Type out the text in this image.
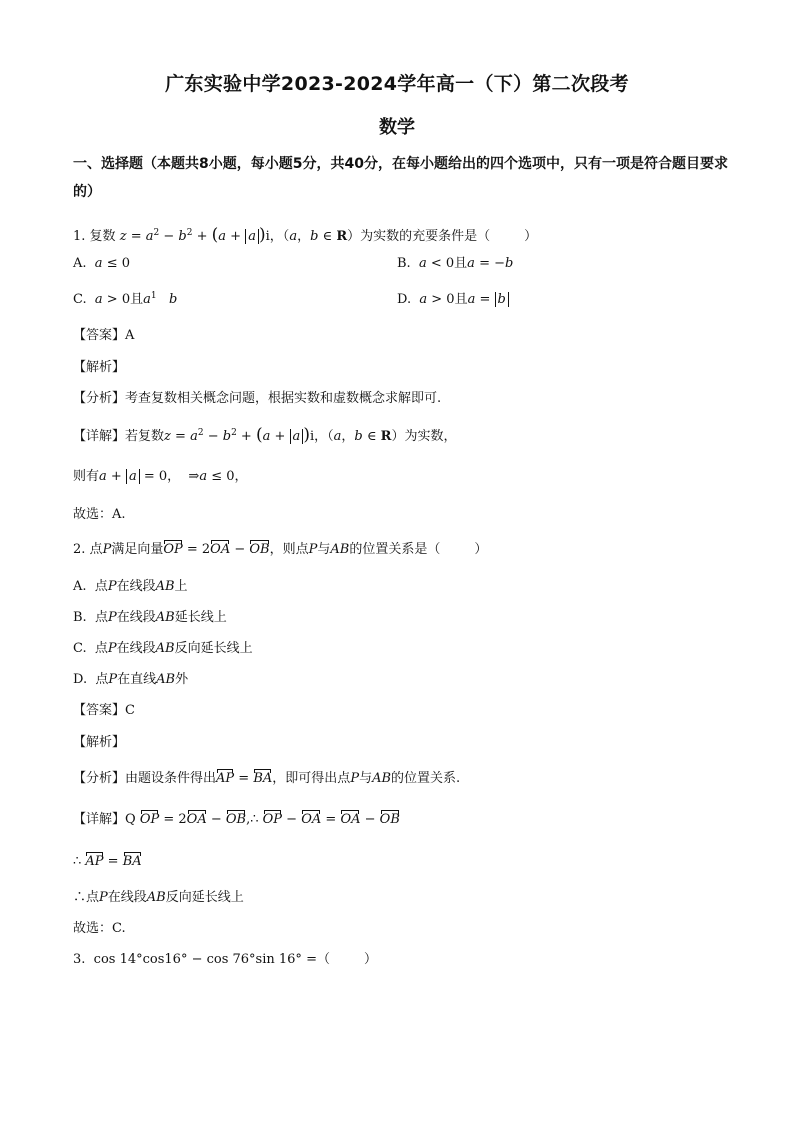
广东实验中学2023-2024学年高一（下）第二次段考
数学
一、选择题（本题共8小题，每小题5分，共40分，在每小题给出的四个选项中，只有一项是符合题目要求的）
1. 复数 $z = a^2 - b^2 + (a + a$ )i，（a，b ∈ R）为实数的充要条件是（	）
A. a ≤ 0	B. a < 0且a = −b
C. a > 0且$a^1$ b	D. a > 0且a = b
【答案】A
【解析】
【分析】考查复数相关概念问题，根据实数和虚数概念求解即可.
【详解】若复数$z = a^2 - b^2 + (a + a$ )i，（a，b ∈ R）为实数，
则有a + a = 0，  ⇒a ≤ 0，
故选：A.
2. 点P满足向量OP = 2OA − OB，则点P与AB的位置关系是（	）
A. 点P在线段AB上
B. 点P在线段AB延长线上
C. 点P在线段AB反向延长线上
D. 点P在直线AB外
【答案】C
【解析】
【分析】由题设条件得出AP = BA，即可得出点P与AB的位置关系.
【详解】Q OP = 2OA − OB,∴ OP − OA = OA − OB
∴ AP = BA
∴点P在线段AB反向延长线上
故选：C.
3.  cos 14°cos16° − cos 76°sin 16° =（	）
